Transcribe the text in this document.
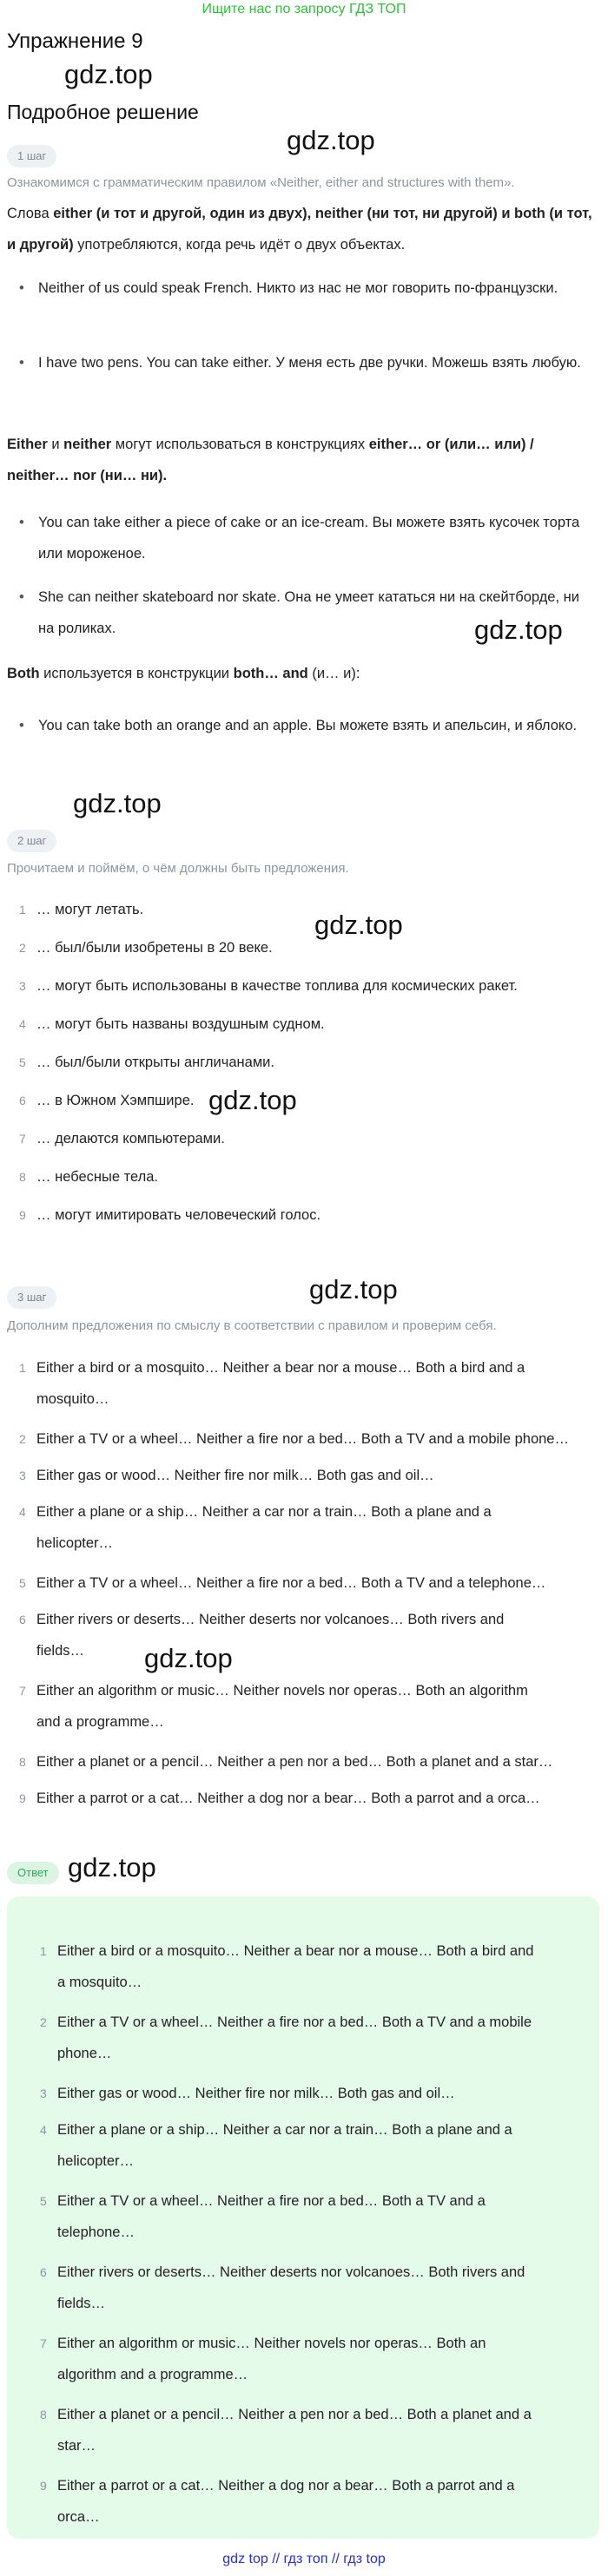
Ищите нас по запросу ГДЗ ТОП
Упражнение 9
Подробное решение
gdz.top
gdz.top
gdz.top
gdz.top
gdz.top
gdz.top
gdz.top
gdz.top
gdz.top
1 шаг
Ознакомимся с грамматическим правилом «Neither, either and structures with them».
Слова either (и тот и другой, один из двух), neither (ни тот, ни другой) и both (и тот, и другой) употребляются, когда речь идёт о двух объектах.
• Neither of us could speak French. Никто из нас не мог говорить по-французски.
• I have two pens. You can take either. У меня есть две ручки. Можешь взять любую.
Either и neither могут использоваться в конструкциях either… or (или… или) / neither… nor (ни… ни).
• You can take either a piece of cake or an ice-cream. Вы можете взять кусочек торта или мороженое.
• She can neither skateboard nor skate. Она не умеет кататься ни на скейтборде, ни на роликах.
Both используется в конструкции both… and (и… и):
• You can take both an orange and an apple. Вы можете взять и апельсин, и яблоко.
2 шаг
Прочитаем и поймём, о чём должны быть предложения.
1 … могут летать.
2 … был/были изобретены в 20 веке.
3 … могут быть использованы в качестве топлива для космических ракет.
4 … могут быть названы воздушным судном.
5 … был/были открыты англичанами.
6 … в Южном Хэмпшире.
7 … делаются компьютерами.
8 … небесные тела.
9 … могут имитировать человеческий голос.
3 шаг
Дополним предложения по смыслу в соответствии с правилом и проверим себя.
1 Either a bird or a mosquito… Neither a bear nor a mouse… Both a bird and a
mosquito…
2 Either a TV or a wheel… Neither a fire nor a bed… Both a TV and a mobile phone…
3 Either gas or wood… Neither fire nor milk… Both gas and oil…
4 Either a plane or a ship… Neither a car nor a train… Both a plane and a
helicopter…
5 Either a TV or a wheel… Neither a fire nor a bed… Both a TV and a telephone…
6 Either rivers or deserts… Neither deserts nor volcanoes… Both rivers and
fields…
7 Either an algorithm or music… Neither novels nor operas… Both an algorithm
and a programme…
8 Either a planet or a pencil… Neither a pen nor a bed… Both a planet and a star…
9 Either a parrot or a cat… Neither a dog nor a bear… Both a parrot and a orca…
Ответ
1 Either a bird or a mosquito… Neither a bear nor a mouse… Both a bird and
a mosquito…
2 Either a TV or a wheel… Neither a fire nor a bed… Both a TV and a mobile
phone…
3 Either gas or wood… Neither fire nor milk… Both gas and oil…
4 Either a plane or a ship… Neither a car nor a train… Both a plane and a
helicopter…
5 Either a TV or a wheel… Neither a fire nor a bed… Both a TV and a
telephone…
6 Either rivers or deserts… Neither deserts nor volcanoes… Both rivers and
fields…
7 Either an algorithm or music… Neither novels nor operas… Both an
algorithm and a programme…
8 Either a planet or a pencil… Neither a pen nor a bed… Both a planet and a
star…
9 Either a parrot or a cat… Neither a dog nor a bear… Both a parrot and a
orca…
gdz top // гдз топ // гдз top
